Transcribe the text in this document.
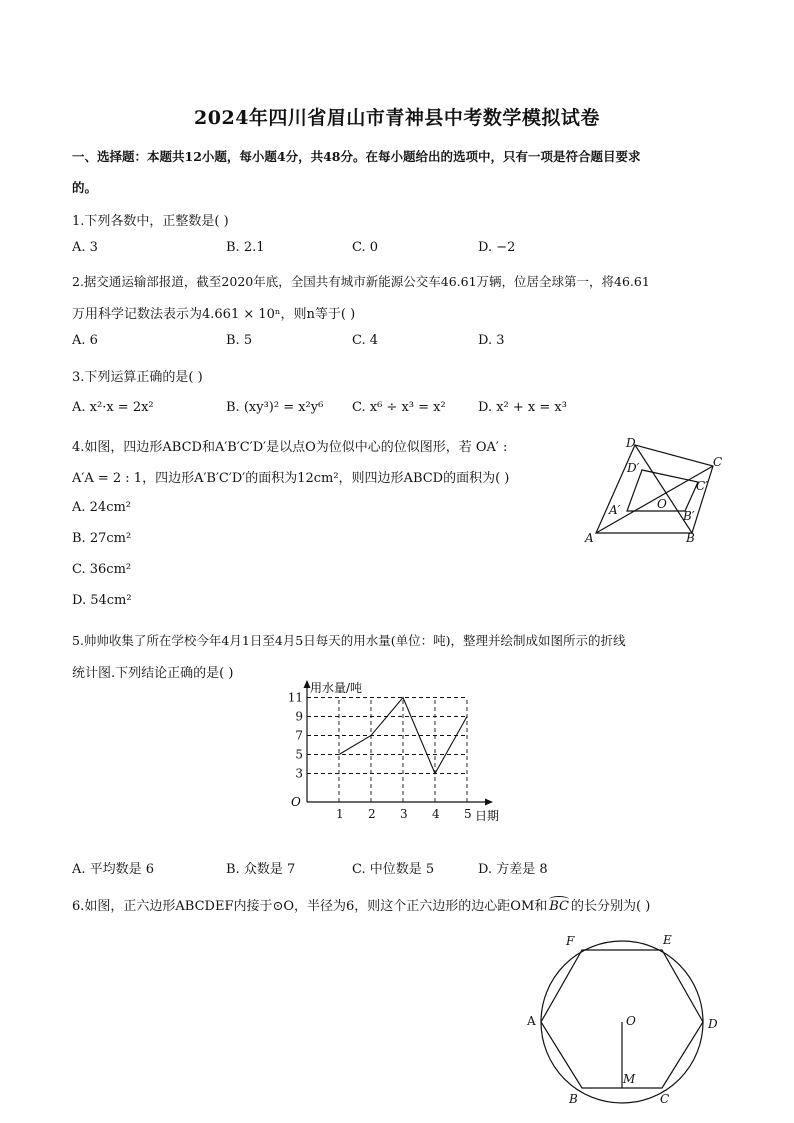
2024年四川省眉山市青神县中考数学模拟试卷
一、选择题：本题共12小题，每小题4分，共48分。在每小题给出的选项中，只有一项是符合题目要求
的。
1.下列各数中，正整数是( )
A. 3	B. 2.1	C. 0	D. −2
2.据交通运输部报道，截至2020年底，全国共有城市新能源公交车46.61万辆，位居全球第一，将46.61
万用科学记数法表示为4.661 × 10ⁿ，则n等于( )
A. 6	B. 5	C. 4	D. 3
3.下列运算正确的是( )
A. x²·x = 2x²	B. (xy³)² = x²y⁶ C. x⁶ ÷ x³ = x² D. x² + x = x³
4.如图，四边形ABCD和A′B′C′D′是以点O为位似中心的位似图形，若 OA′ :
A′A = 2 : 1，四边形A′B′C′D′的面积为12cm²，则四边形ABCD的面积为( )
A. 24cm²
B. 27cm²
C. 36cm²
D. 54cm²
A	B
C
D
A′	B′
C′
D′
O
5.帅帅收集了所在学校今年4月1日至4月5日每天的用水量(单位：吨)，整理并绘制成如图所示的折线
统计图.下列结论正确的是( )
3
5
7
9
11
1 2 3 4 5
用水量/吨
日期
O
A. 平均数是 6	B. 众数是 7	C. 中位数是 5	D. 方差是 8
6.如图，正六边形ABCDEF内接于⊙O，半径为6，则这个正六边形的边心距OM和 BC 的长分别为( )
F	E
A	D
O
M
B	C
